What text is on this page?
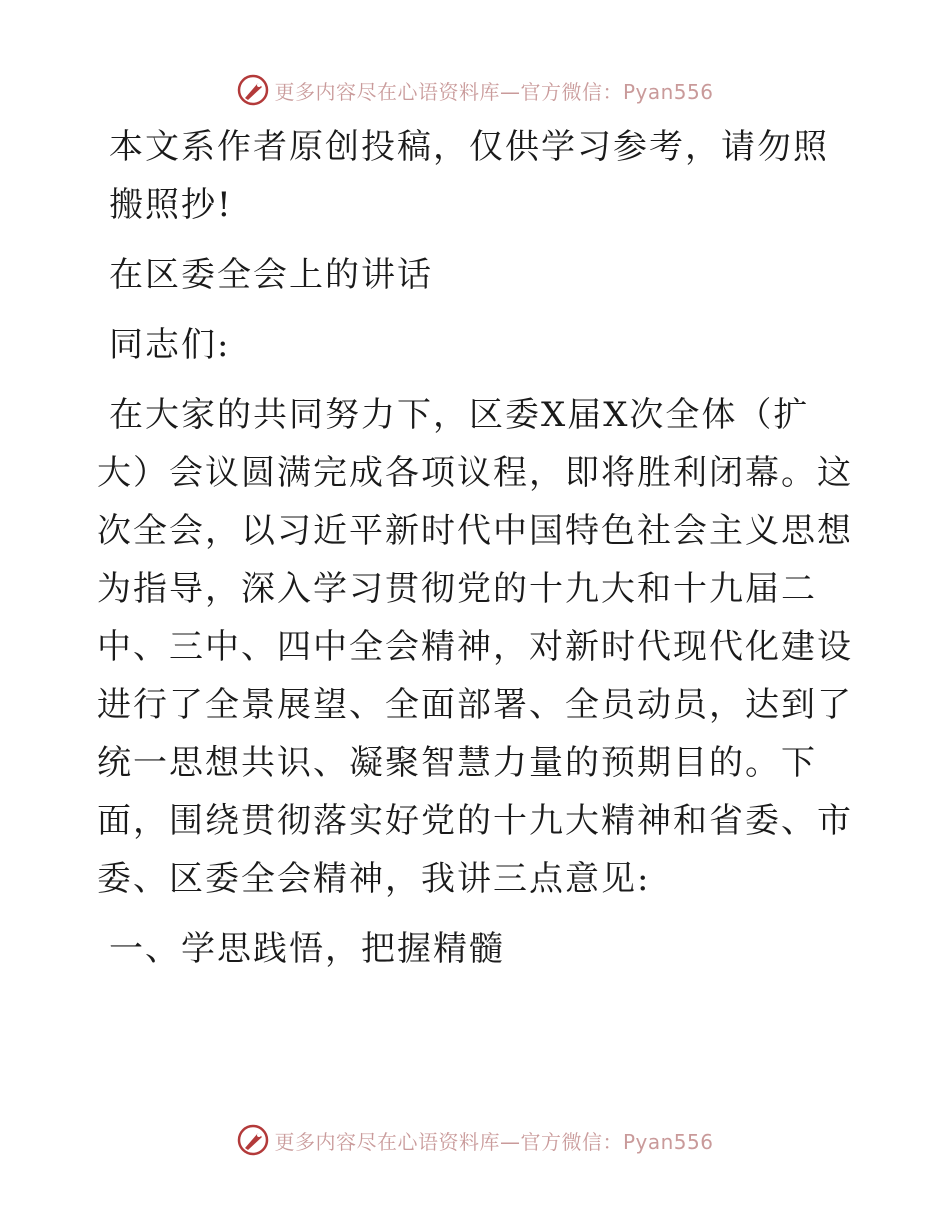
更多内容尽在心语资料库—官方微信：Pyan556

本文系作者原创投稿，仅供学习参考，请勿照搬照抄!

在区委全会上的讲话

同志们:

在大家的共同努力下，区委X届X次全体（扩大）会议圆满完成各项议程，即将胜利闭幕。这次全会，以习近平新时代中国特色社会主义思想为指导，深入学习贯彻党的十九大和十九届二中、三中、四中全会精神，对新时代现代化建设进行了全景展望、全面部署、全员动员，达到了统一思想共识、凝聚智慧力量的预期目的。下面，围绕贯彻落实好党的十九大精神和省委、市委、区委全会精神，我讲三点意见:

一、学思践悟，把握精髓

更多内容尽在心语资料库—官方微信：Pyan556
